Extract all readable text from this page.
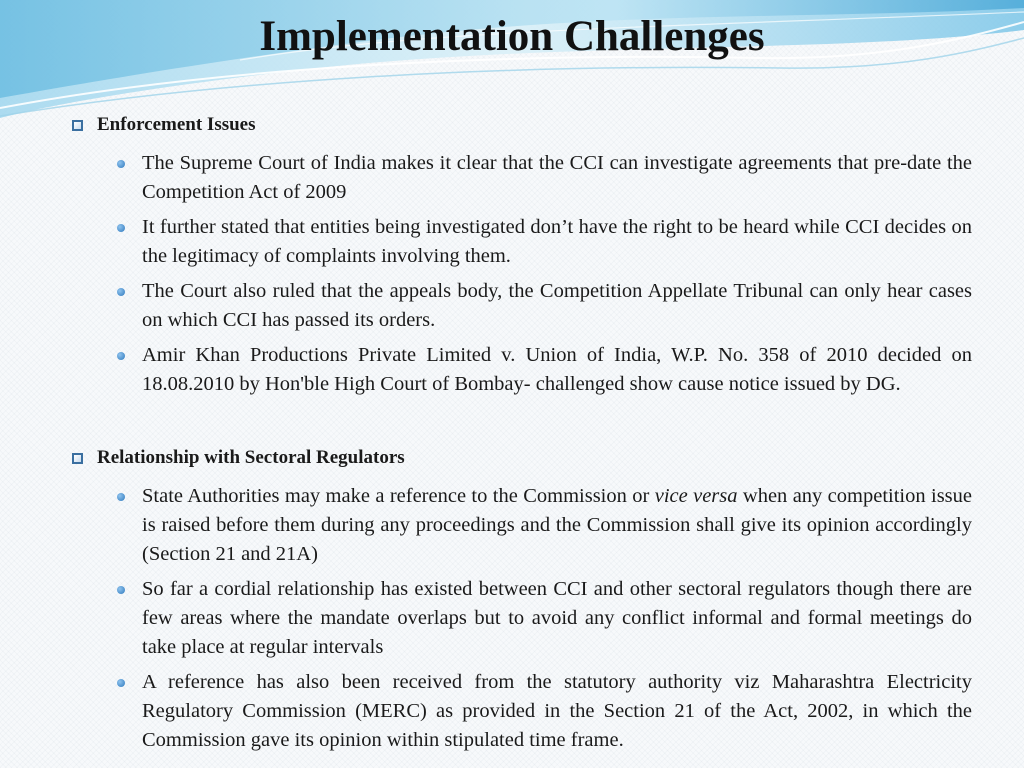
Implementation Challenges
Enforcement Issues
The Supreme Court of India makes it clear that the CCI can investigate agreements that pre-date the Competition Act of 2009
It further stated that entities being investigated don’t have the right to be heard while CCI decides on the legitimacy of complaints involving them.
The Court also ruled that the appeals body, the Competition Appellate Tribunal can only hear cases on which CCI has passed its orders.
Amir Khan Productions Private Limited v. Union of India, W.P. No. 358 of 2010 decided on 18.08.2010 by Hon'ble High Court of Bombay- challenged show cause notice issued by DG.
Relationship with Sectoral Regulators
State Authorities may make a reference to the Commission or vice versa when any competition issue is raised before them during any proceedings and the Commission shall give its opinion accordingly (Section 21 and 21A)
So far a cordial relationship has existed between CCI and other sectoral regulators though there are few areas where the mandate overlaps but to avoid any conflict informal and formal meetings do take place at regular intervals
A reference has also been received from the statutory authority viz Maharashtra Electricity Regulatory Commission (MERC) as provided in the Section 21 of the Act, 2002, in which the Commission gave its opinion within stipulated time frame.
